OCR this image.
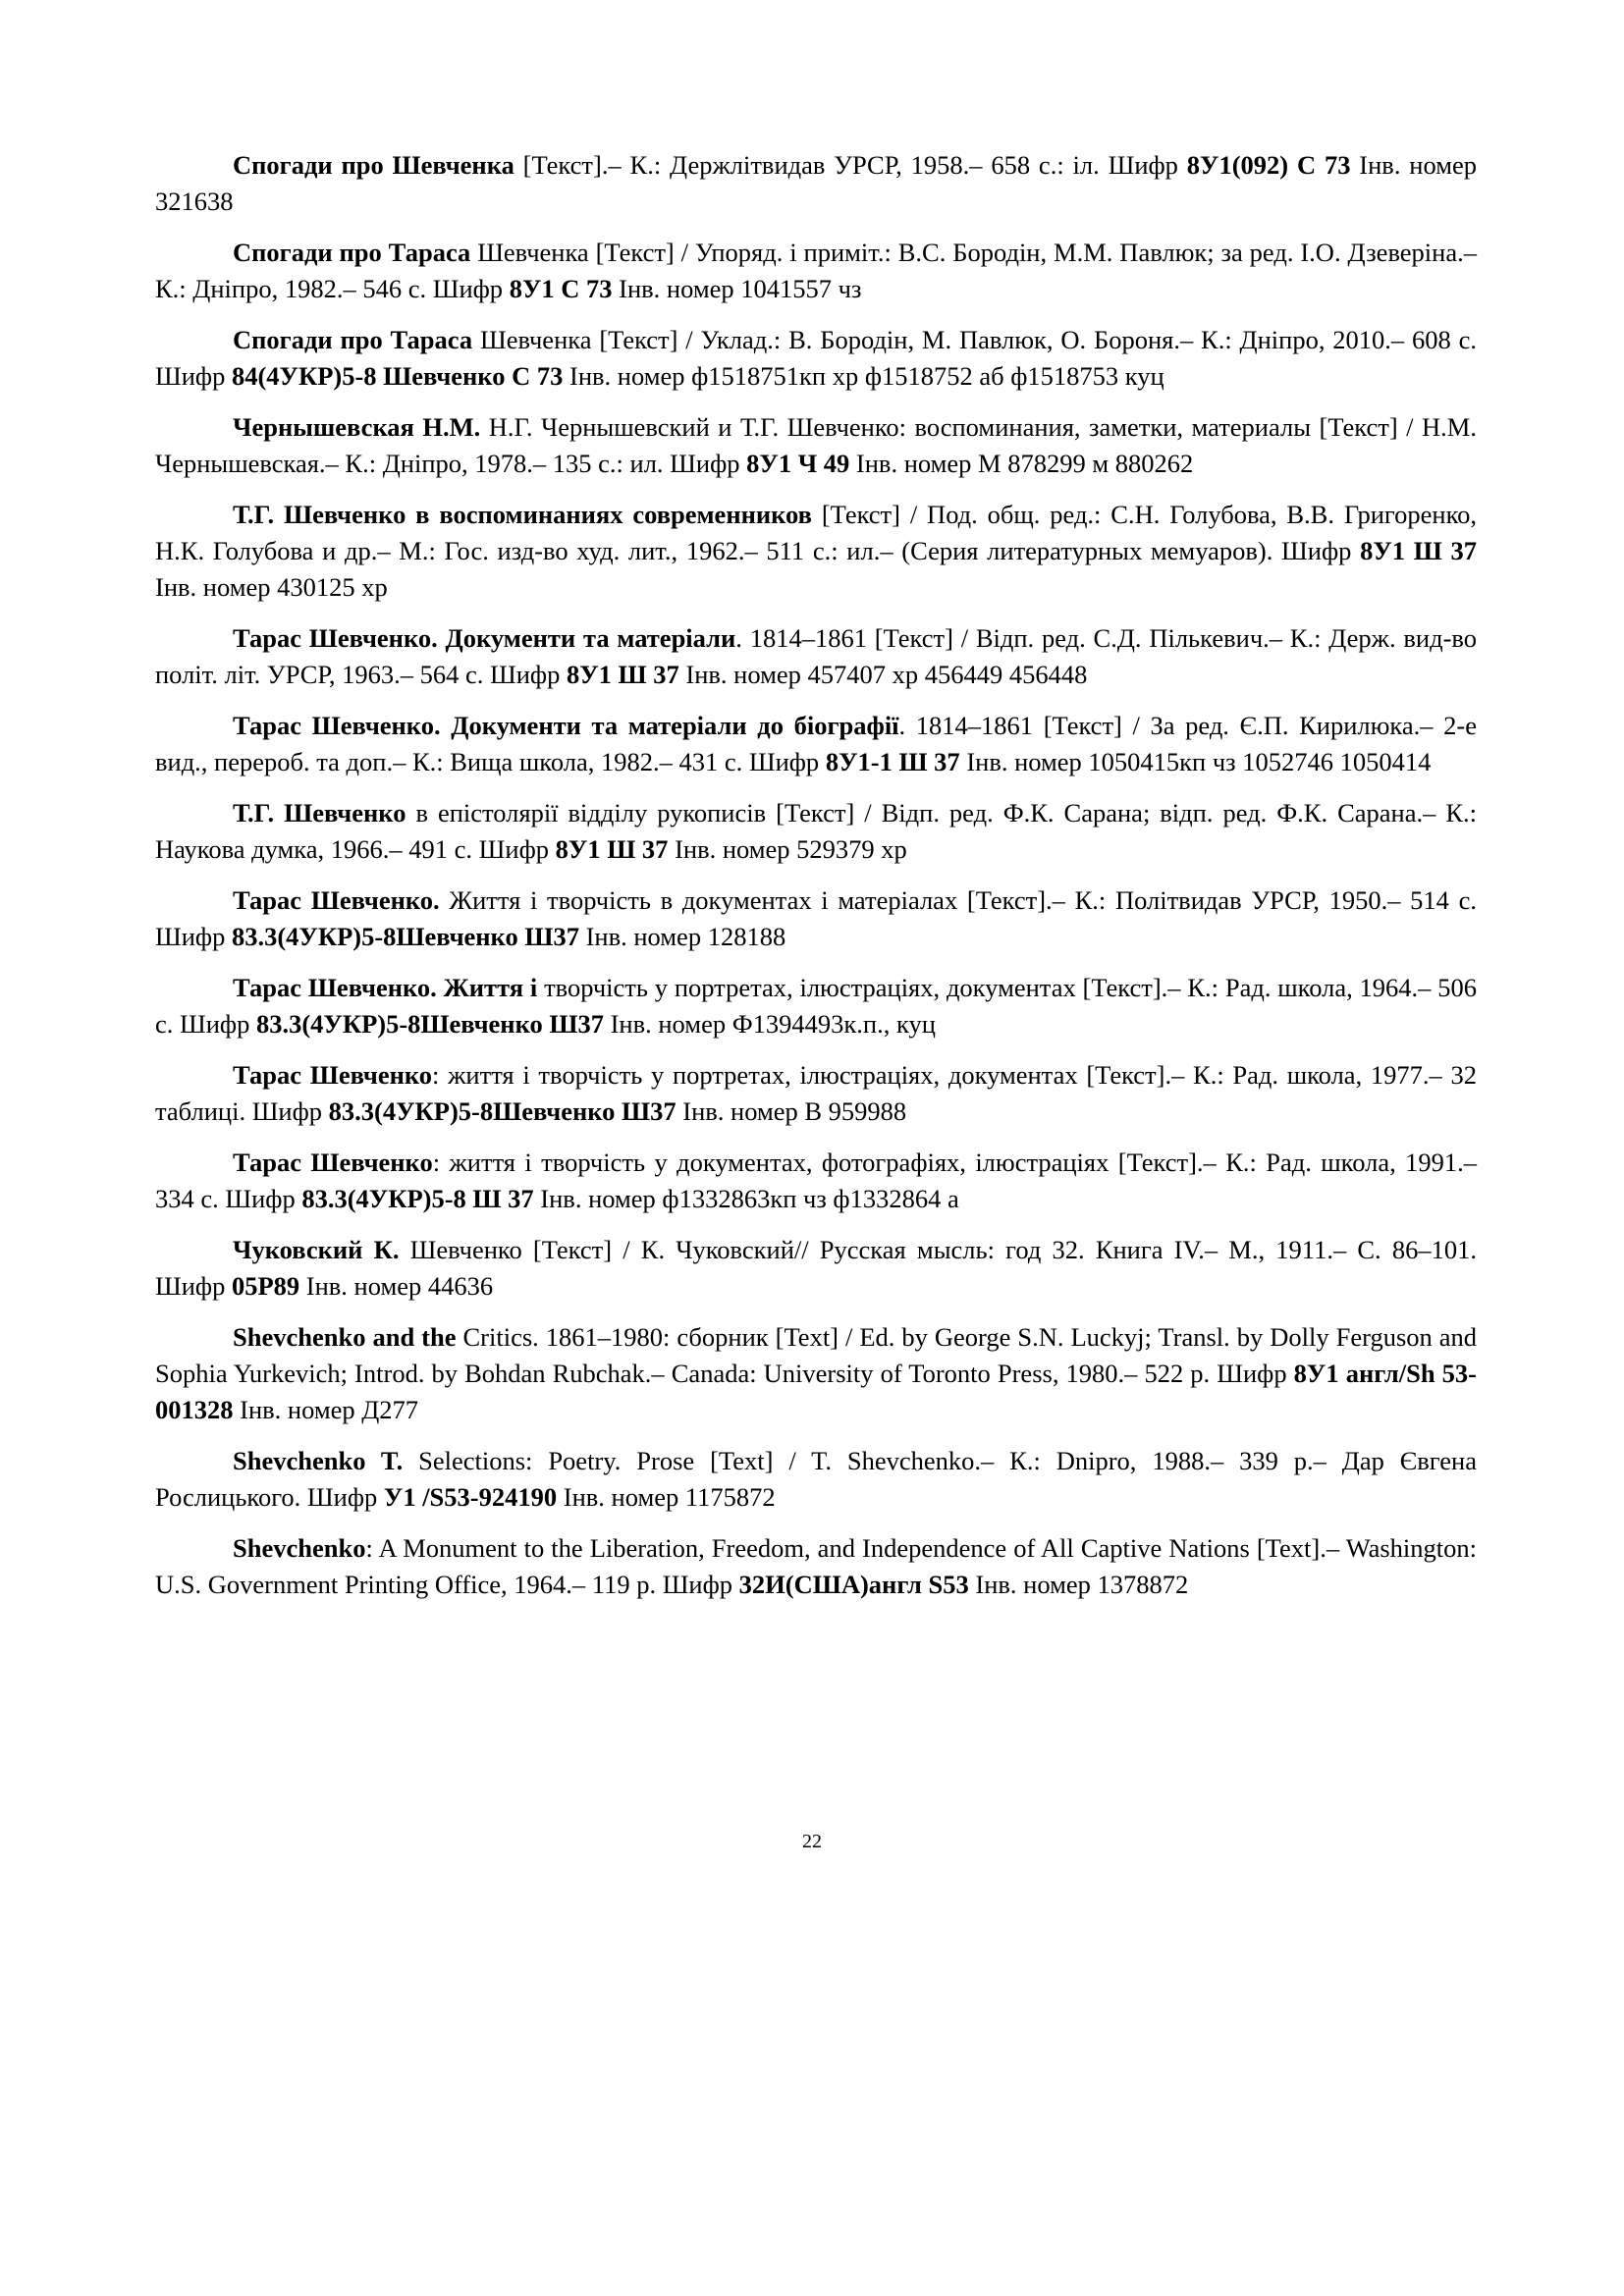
Спогади про Шевченка [Текст].– К.: Держлітвидав УРСР, 1958.– 658 с.: іл. Шифр 8У1(092) С 73 Інв. номер 321638

Спогади про Тараса Шевченка [Текст] / Упоряд. і приміт.: В.С. Бородін, М.М. Павлюк; за ред. І.О. Дзеверіна.– К.: Дніпро, 1982.– 546 с. Шифр 8У1 С 73 Інв. номер 1041557 чз

Спогади про Тараса Шевченка [Текст] / Уклад.: В. Бородін, М. Павлюк, О. Бороня.– К.: Дніпро, 2010.– 608 с. Шифр 84(4УКР)5-8 Шевченко С 73 Інв. номер ф1518751кп хр ф1518752 аб ф1518753 куц

Чернышевская Н.М. Н.Г. Чернышевский и Т.Г. Шевченко: воспоминания, заметки, материалы [Текст] / Н.М. Чернышевская.– К.: Дніпро, 1978.– 135 с.: ил. Шифр 8У1 Ч 49 Інв. номер М 878299 м 880262

Т.Г. Шевченко в воспоминаниях современников [Текст] / Под. общ. ред.: С.Н. Голубова, В.В. Григоренко, Н.К. Голубова и др.– М.: Гос. изд-во худ. лит., 1962.– 511 с.: ил.– (Серия литературных мемуаров). Шифр 8У1 Ш 37 Інв. номер 430125 хр

Тарас Шевченко. Документи та матеріали. 1814–1861 [Текст] / Відп. ред. С.Д. Пількевич.– К.: Держ. вид-во політ. літ. УРСР, 1963.– 564 с. Шифр 8У1 Ш 37 Інв. номер 457407 хр 456449 456448

Тарас Шевченко. Документи та матеріали до біографії. 1814–1861 [Текст] / За ред. Є.П. Кирилюка.– 2-е вид., перероб. та доп.– К.: Вища школа, 1982.– 431 с. Шифр 8У1-1 Ш 37 Інв. номер 1050415кп чз 1052746 1050414

Т.Г. Шевченко в епістолярії відділу рукописів [Текст] / Відп. ред. Ф.К. Сарана; відп. ред. Ф.К. Сарана.– К.: Наукова думка, 1966.– 491 с. Шифр 8У1 Ш 37 Інв. номер 529379 хр

Тарас Шевченко. Життя і творчість в документах і матеріалах [Текст].– К.: Політвидав УРСР, 1950.– 514 с. Шифр 83.3(4УКР)5-8Шевченко Ш37 Інв. номер 128188

Тарас Шевченко. Життя і творчість у портретах, ілюстраціях, документах [Текст].– К.: Рад. школа, 1964.– 506 с. Шифр 83.3(4УКР)5-8Шевченко Ш37 Інв. номер Ф1394493к.п., куц

Тарас Шевченко: життя і творчість у портретах, ілюстраціях, документах [Текст].– К.: Рад. школа, 1977.– 32 таблиці. Шифр 83.3(4УКР)5-8Шевченко Ш37 Інв. номер В 959988

Тарас Шевченко: життя і творчість у документах, фотографіях, ілюстраціях [Текст].– К.: Рад. школа, 1991.– 334 с. Шифр 83.3(4УКР)5-8 Ш 37 Інв. номер ф1332863кп чз ф1332864 а

Чуковский К. Шевченко [Текст] / К. Чуковский// Русская мысль: год 32. Книга IV.– М., 1911.– С. 86–101. Шифр 05Р89 Інв. номер 44636

Shevchenko and the Critics. 1861–1980: сборник [Text] / Ed. by George S.N. Luckyj; Transl. by Dolly Ferguson and Sophia Yurkevich; Introd. by Bohdan Rubchak.– Canada: University of Toronto Press, 1980.– 522 р. Шифр 8У1 англ/Sh 53-001328 Інв. номер Д277

Shevchenko T. Selections: Poetry. Prose [Text] / T. Shevchenko.– К.: Dnipro, 1988.– 339 р.– Дар Євгена Рослицького. Шифр У1 /S53-924190 Інв. номер 1175872

Shevchenko: A Monument to the Liberation, Freedom, and Independence of All Captive Nations [Text].– Washington: U.S. Government Printing Office, 1964.– 119 р. Шифр 32И(США)англ S53 Інв. номер 1378872

22
